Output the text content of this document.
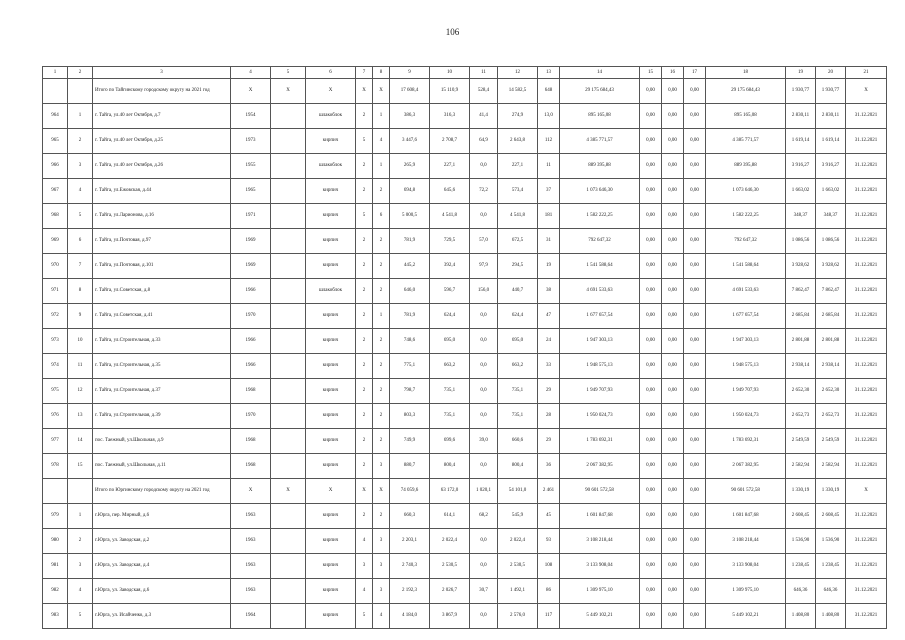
106
1	2	3	4	5	6	7	8	9	10	11	12	13	14	15	16	17	18	19	20	21
		Итого по Тайгинскому городскому округу на 2021 год	X	X	X	X	X	17 608,4	15 110,9	528,4	14 582,5	648	29 175 684,43	0,00	0,00	0,00	29 175 684,43	1 930,77	1 930,77	X
964	1	г. Тайга, ул.40 лет Октября, д.7	1954		шлакоблок	2	1	386,3	316,3	41,4	274,9	13,0	895 165,08	0,00	0,00	0,00	895 165,08	2 830,11	2 830,11	31.12.2021
965	2	г. Тайга, ул.40 лет Октября, д.25	1973		кирпич	5	4	3 447,6	2 708,7	64,9	2 643,8	112	4 385 771,57	0,00	0,00	0,00	4 385 771,57	1 619,14	1 619,14	31.12.2021
966	3	г. Тайга, ул.40 лет Октября, д.26	1955		шлакоблок	2	1	265,9	227,1	0,0	227,1	11	889 395,88	0,00	0,00	0,00	889 395,88	3 916,27	3 916,27	31.12.2021
967	4	г. Тайга, ул.Ежовская, д.44	1965		кирпич	2	2	694,8	645,6	72,2	573,4	37	1 073 646,30	0,00	0,00	0,00	1 073 646,30	1 663,02	1 663,02	31.12.2021
968	5	г. Тайга, ул.Ларионова, д.16	1971		кирпич	5	6	5 000,5	4 541,8	0,0	4 541,8	181	1 582 222,25	0,00	0,00	0,00	1 582 222,25	348,37	348,37	31.12.2021
969	6	г. Тайга, ул.Почтовая, д.97	1969		кирпич	2	2	781,9	729,5	57,0	672,5	31	792 647,32	0,00	0,00	0,00	792 647,32	1 086,56	1 086,56	31.12.2021
970	7	г. Тайга, ул.Почтовая, д.101	1969		кирпич	2	2	445,2	392,4	97,9	294,5	19	1 541 588,64	0,00	0,00	0,00	1 541 588,64	3 928,62	3 928,62	31.12.2021
971	8	г. Тайга, ул.Советская, д.8	1966		шлакоблок	2	2	646,0	596,7	156,0	440,7	38	4 691 533,63	0,00	0,00	0,00	4 691 533,63	7 862,47	7 862,47	31.12.2021
972	9	г. Тайга, ул.Советская, д.41	1970		кирпич	2	1	781,9	624,4	0,0	624,4	47	1 677 657,54	0,00	0,00	0,00	1 677 657,54	2 685,84	2 685,84	31.12.2021
973	10	г. Тайга, ул.Строительная, д.33	1966		кирпич	2	2	748,6	695,0	0,0	695,0	24	1 947 303,13	0,00	0,00	0,00	1 947 303,13	2 801,88	2 801,88	31.12.2021
974	11	г. Тайга, ул.Строительная, д.35	1966		кирпич	2	2	775,1	663,2	0,0	663,2	33	1 948 575,13	0,00	0,00	0,00	1 948 575,13	2 938,14	2 938,14	31.12.2021
975	12	г. Тайга, ул.Строительная, д.37	1968		кирпич	2	2	798,7	735,1	0,0	735,1	29	1 949 707,93	0,00	0,00	0,00	1 949 707,93	2 652,30	2 652,30	31.12.2021
976	13	г. Тайга, ул.Строительная, д.39	1970		кирпич	2	2	803,3	735,1	0,0	735,1	28	1 950 024,73	0,00	0,00	0,00	1 950 024,73	2 652,73	2 652,73	31.12.2021
977	14	пос. Таежный, ул.Школьная, д.9	1968		кирпич	2	2	749,9	699,6	39,0	660,6	29	1 783 692,31	0,00	0,00	0,00	1 783 692,31	2 549,59	2 549,59	31.12.2021
978	15	пос. Таежный, ул.Школьная, д.11	1968		кирпич	2	3	880,7	800,4	0,0	800,4	36	2 067 382,95	0,00	0,00	0,00	2 067 382,95	2 582,94	2 582,94	31.12.2021
		Итого по Юргинскому городскому округу на 2021 год	X	X	X	X	X	74 059,6	63 172,0	1 020,1	54 101,0	2 461	90 601 572,58	0,00	0,00	0,00	90 601 572,58	1 330,19	1 330,19	X
979	1	г.Юрга, пер. Мирный, д.6	1963		кирпич	2	2	660,3	614,1	68,2	545,9	45	1 601 847,68	0,00	0,00	0,00	1 601 847,68	2 608,45	2 608,45	31.12.2021
980	2	г.Юрга, ул. Заводская, д.2	1963		кирпич	4	3	2 203,1	2 022,4	0,0	2 022,4	93	3 108 218,44	0,00	0,00	0,00	3 108 218,44	1 536,90	1 536,90	31.12.2021
981	3	г.Юрга, ул. Заводская, д.4	1963		кирпич	3	3	2 740,3	2 530,5	0,0	2 530,5	108	3 133 908,04	0,00	0,00	0,00	3 133 908,04	1 238,45	1 238,45	31.12.2021
982	4	г.Юрга, ул. Заводская, д.6	1963		кирпич	4	3	2 192,3	2 026,7	30,7	1 492,1	86	1 309 975,10	0,00	0,00	0,00	1 309 975,10	646,36	646,36	31.12.2021
983	5	г.Юрга, ул. Исайченко, д.3	1964		кирпич	5	4	4 184,0	3 867,9	0,0	2 576,0	117	5 449 102,21	0,00	0,00	0,00	5 449 102,21	1 408,80	1 408,80	31.12.2021
